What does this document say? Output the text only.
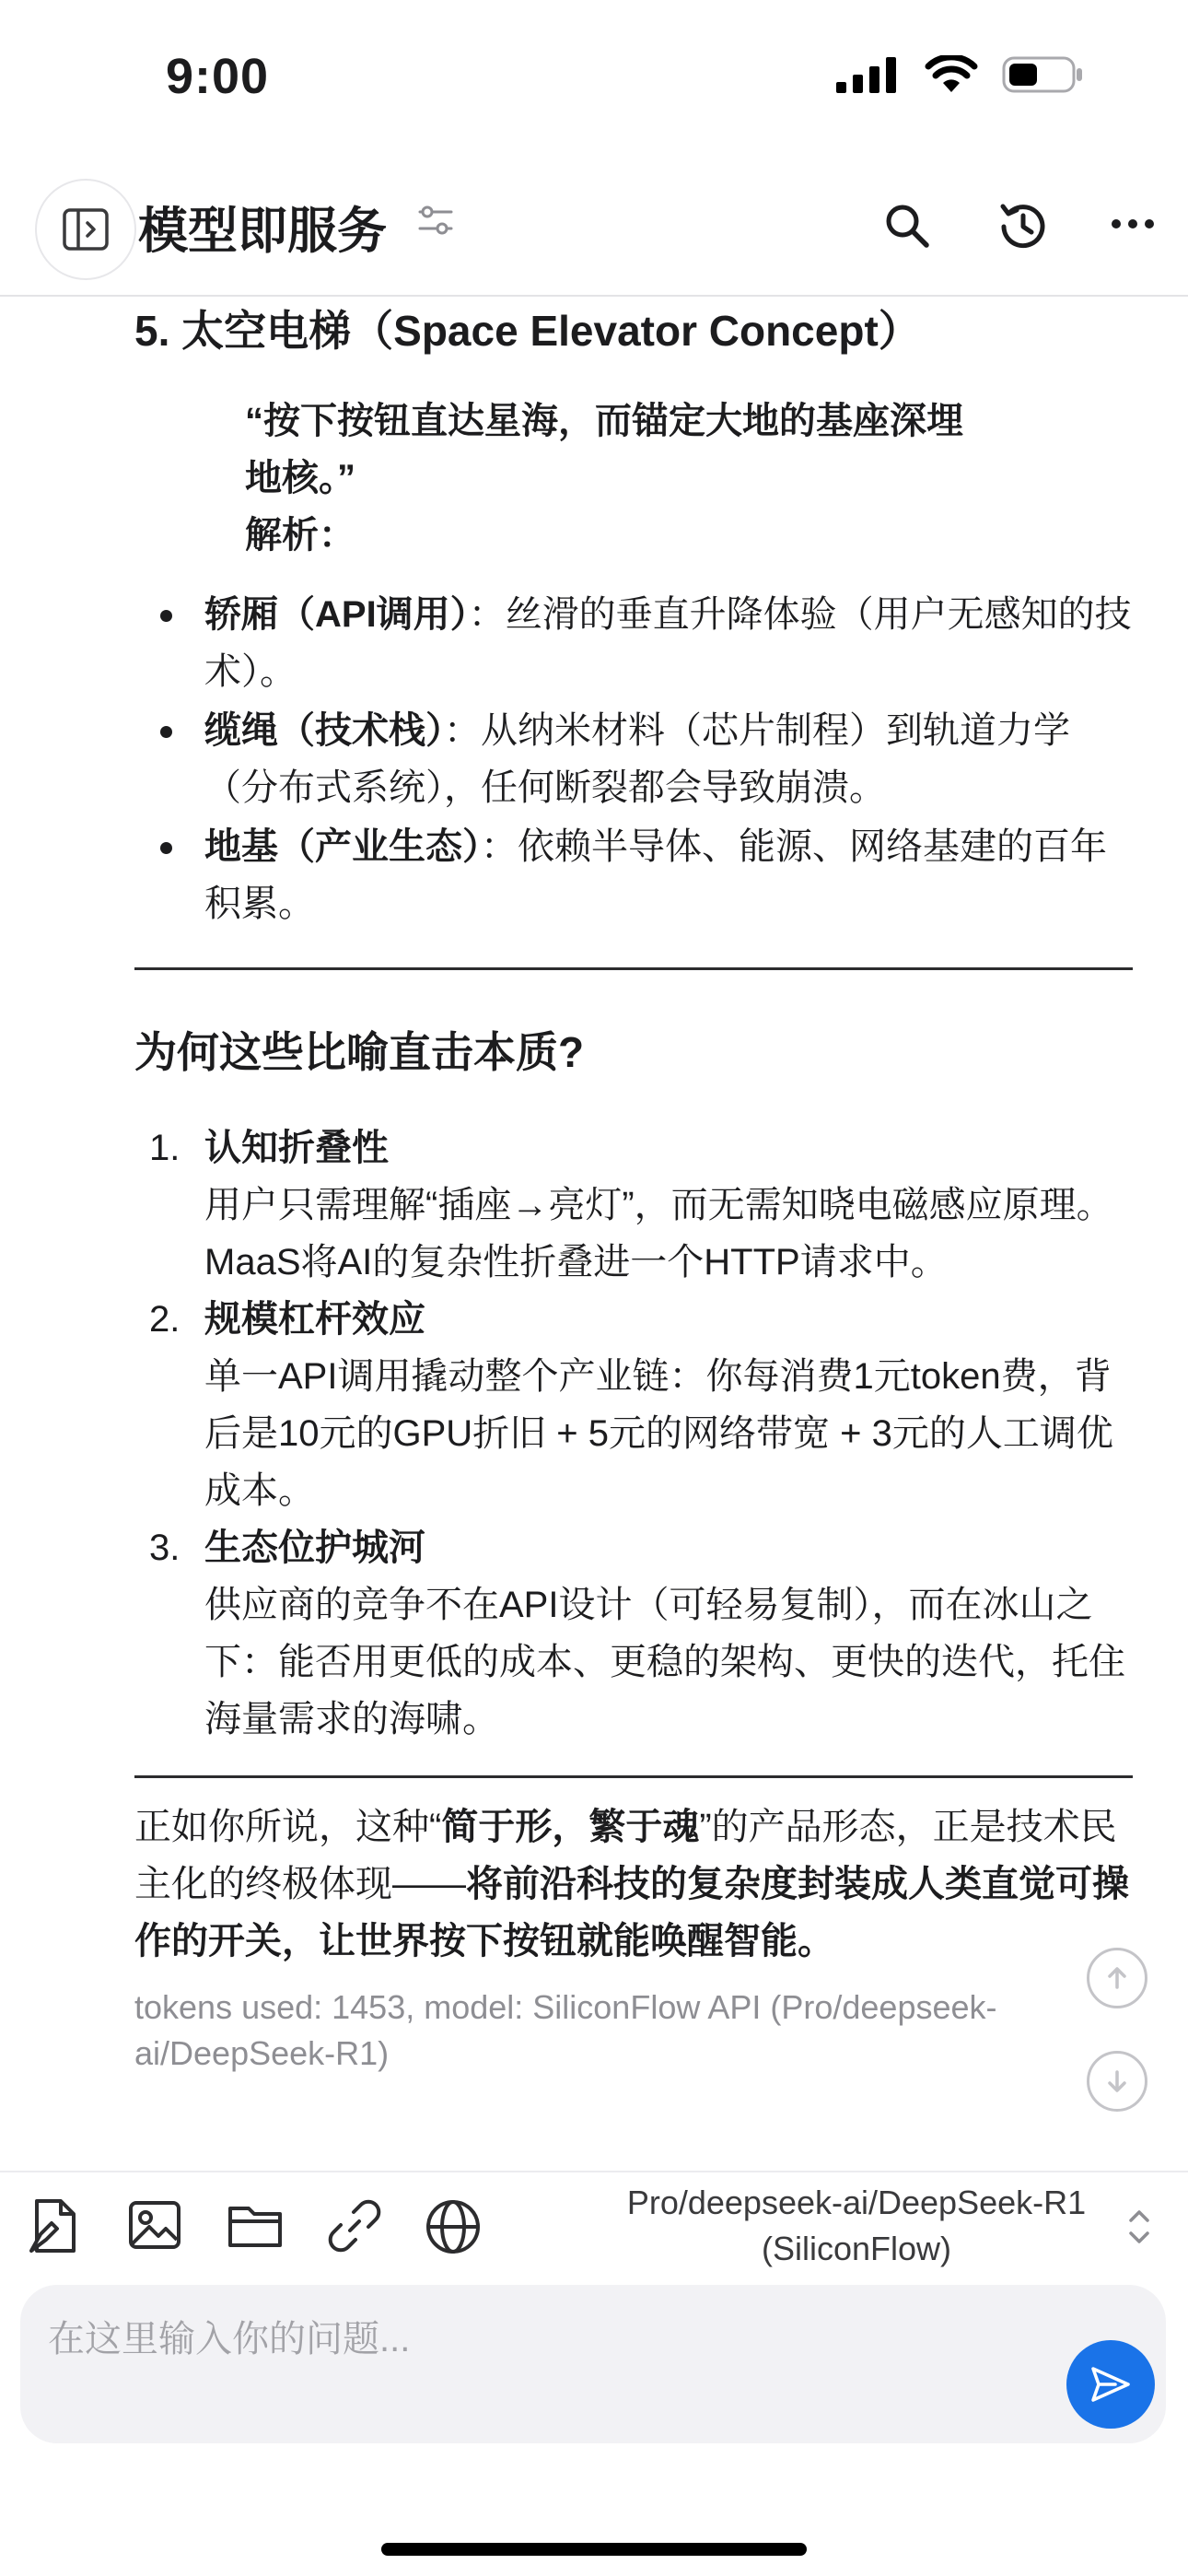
9:00
模型即服务

5. 太空电梯（Space Elevator Concept）

“按下按钮直达星海，而锚定大地的基座深埋

地核。”

解析：

轿厢（API调用）：丝滑的垂直升降体验（用户无感知的技术）。
缆绳（技术栈）：从纳米材料（芯片制程）到轨道力学（分布式系统），任何断裂都会导致崩溃。
地基（产业生态）：依赖半导体、能源、网络基建的百年积累。

为何这些比喻直击本质?

1. 认知折叠性
用户只需理解“插座→亮灯”，而无需知晓电磁感应原理。MaaS将AI的复杂性折叠进一个HTTP请求中。
2. 规模杠杆效应
单一API调用撬动整个产业链：你每消费1元token费，背后是10元的GPU折旧 + 5元的网络带宽 + 3元的人工调优成本。
3. 生态位护城河
供应商的竞争不在API设计（可轻易复制），而在冰山之下：能否用更低的成本、更稳的架构、更快的迭代，托住海量需求的海啸。

正如你所说，这种“简于形，繁于魂”的产品形态，正是技术民主化的终极体现——将前沿科技的复杂度封装成人类直觉可操作的开关，让世界按下按钮就能唤醒智能。

tokens used: 1453, model: SiliconFlow API (Pro/deepseek-ai/DeepSeek-R1)

Pro/deepseek-ai/DeepSeek-R1
(SiliconFlow)
在这里输入你的问题...
